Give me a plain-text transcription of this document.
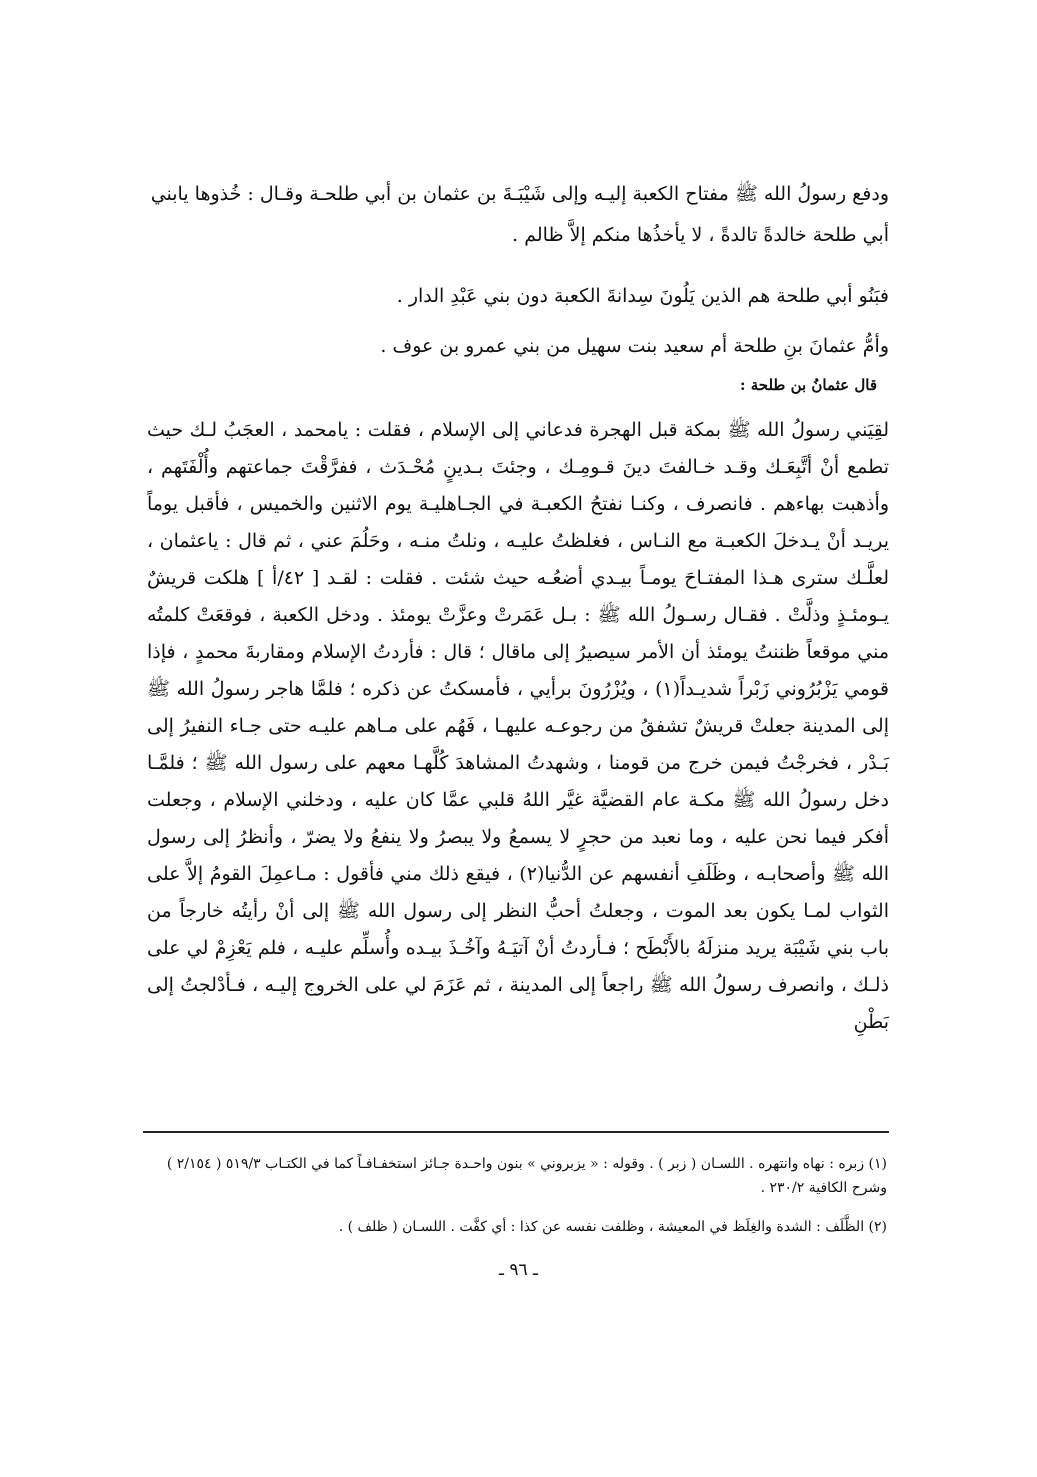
ودفع رسولُ الله ﷺ مفتاح الكعبة إليـه وإلى شَيْبَـةَ بن عثمان بن أبي طلحـة وقـال : خُذوها يابني أبي طلحة خالدةً تالدةً ، لا يأخذُها منكم إلاَّ ظالم .

فبَنُو أبي طلحة هم الذين يَلُونَ سِدانةَ الكعبة دون بني عَبْدِ الدار .

وأمُّ عثمانَ بنِ طلحة أم سعيد بنت سهيل من بني عمرو بن عوف .

قال عثمانُ بن طلحة :

لقِيَني رسولُ الله ﷺ بمكة قبل الهجرة فدعاني إلى الإسلام ، فقلت : يامحمد ، العجَبُ لـك حيث تطمع أنْ أتَّبِعَـك وقـد خـالفتَ دينَ قـومِـك ، وجئتَ بـدينٍ مُحْـدَث ، ففرَّقْتَ جماعتهم وأُلْفَتَهم ، وأذهبت بهاءهم . فانصرف ، وكنـا نفتحُ الكعبـة في الجـاهليـة يوم الاثنين والخميس ، فأقبل يوماً يريـد أنْ يـدخلَ الكعبـة مع النـاس ، فغلظتُ عليـه ، ونلتُ منـه ، وحَلُمَ عني ، ثم قال : ياعثمان ، لعلَّـك سترى هـذا المفتـاحَ يومـاً بيـدي أضعُـه حيث شئت . فقلت : لقـد [ ٤٢/أ ] هلكت قريشٌ يـومئـذٍ وذلَّتْ . فقـال رسـولُ الله ﷺ : بـل عَمَرتْ وعزَّتْ يومئذ . ودخل الكعبة ، فوقعَتْ كلمتُه مني موقعاً ظننتُ يومئذ أن الأمر سيصيرُ إلى ماقال ؛ قال : فأردتُ الإسلام ومقاربةَ محمدٍ ، فإذا قومي يَزْبُرُوني زَبْراً شديـداً(١) ، ويُزْرُونَ برأيي ، فأمسكتُ عن ذكره ؛ فلمَّا هاجر رسولُ الله ﷺ إلى المدينة جعلتْ قريشٌ تشفقُ من رجوعـه عليهـا ، فَهُم على مـاهم عليـه حتى جـاء النفيرُ إلى بَـدْر ، فخرجْتُ فيمن خرج من قومنا ، وشهدتُ المشاهدَ كُلَّهـا معهم على رسول الله ﷺ ؛ فلمَّـا دخل رسولُ الله ﷺ مكـة عام القضيَّة غيَّر اللهُ قلبي عمَّا كان عليه ، ودخلني الإسلام ، وجعلت أفكر فيما نحن عليه ، وما نعبد من حجرٍ لا يسمعُ ولا يبصرُ ولا ينفعُ ولا يضرّ ، وأنظرُ إلى رسول الله ﷺ وأصحابـه ، وظَلَفِ أنفسهم عن الدُّنيا(٢) ، فيقع ذلك مني فأقول : مـاعمِلَ القومُ إلاَّ على الثواب لمـا يكون بعد الموت ، وجعلتُ أحبُّ النظر إلى رسول الله ﷺ إلى أنْ رأيتُه خارجاً من باب بني شَيْبَة يريد منزلَهُ بالأَبْطَح ؛ فـأردتُ أنْ آتيَـهُ وآخُـذَ بيـده وأُسلِّم عليـه ، فلم يَعْزِمْ لي على ذلـك ، وانصرف رسولُ الله ﷺ راجعاً إلى المدينة ، ثم عَزَمَ لي على الخروج إليـه ، فـأدْلجتُ إلى بَطْنِ

(١) زبره : نهاه وانتهره . اللسـان ( زبر ) . وقوله : « يزبروني » بنون واحـدة جـائز استخفـافـاً كما في الكتـاب ٥١٩/٣ ( ٢/١٥٤ ) وشرح الكافية ٢٣٠/٢ .

(٢) الظَّلَف : الشدة والغِلَظ في المعيشة ، وظلفت نفسه عن كذا : أي كفَّت . اللسـان ( ظلف ) .

ـ ٩٦ ـ
